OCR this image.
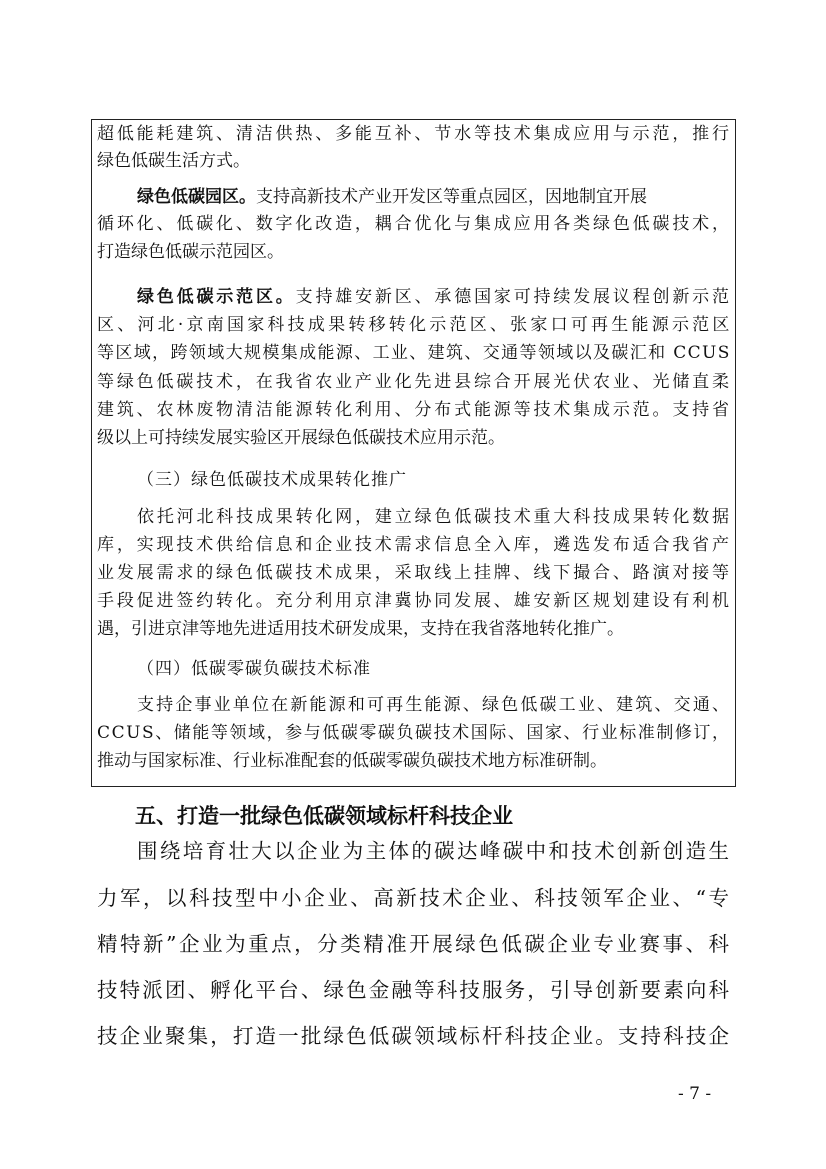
超低能耗建筑、清洁供热、多能互补、节水等技术集成应用与示范，推行
绿色低碳生活方式。
绿色低碳园区。支持高新技术产业开发区等重点园区，因地制宜开展
循环化、低碳化、数字化改造，耦合优化与集成应用各类绿色低碳技术，
打造绿色低碳示范园区。
绿色低碳示范区。支持雄安新区、承德国家可持续发展议程创新示范
区、河北·京南国家科技成果转移转化示范区、张家口可再生能源示范区
等区域，跨领域大规模集成能源、工业、建筑、交通等领域以及碳汇和 CCUS
等绿色低碳技术，在我省农业产业化先进县综合开展光伏农业、光储直柔
建筑、农林废物清洁能源转化利用、分布式能源等技术集成示范。支持省
级以上可持续发展实验区开展绿色低碳技术应用示范。
（三）绿色低碳技术成果转化推广
依托河北科技成果转化网，建立绿色低碳技术重大科技成果转化数据
库，实现技术供给信息和企业技术需求信息全入库，遴选发布适合我省产
业发展需求的绿色低碳技术成果，采取线上挂牌、线下撮合、路演对接等
手段促进签约转化。充分利用京津冀协同发展、雄安新区规划建设有利机
遇，引进京津等地先进适用技术研发成果，支持在我省落地转化推广。
（四）低碳零碳负碳技术标准
支持企事业单位在新能源和可再生能源、绿色低碳工业、建筑、交通、
CCUS、储能等领域，参与低碳零碳负碳技术国际、国家、行业标准制修订，
推动与国家标准、行业标准配套的低碳零碳负碳技术地方标准研制。
五、打造一批绿色低碳领域标杆科技企业
围绕培育壮大以企业为主体的碳达峰碳中和技术创新创造生
力军，以科技型中小企业、高新技术企业、科技领军企业、“专
精特新”企业为重点，分类精准开展绿色低碳企业专业赛事、科
技特派团、孵化平台、绿色金融等科技服务，引导创新要素向科
技企业聚集，打造一批绿色低碳领域标杆科技企业。支持科技企
- 7 -
